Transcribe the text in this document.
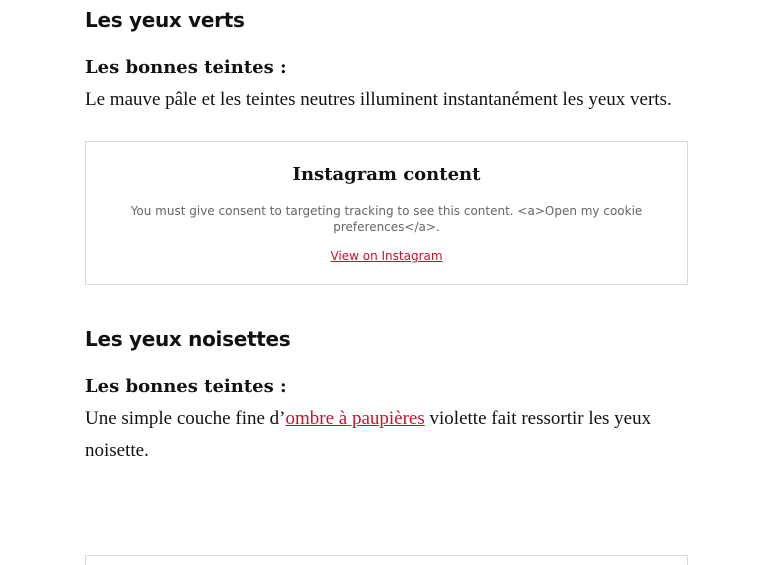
Les yeux verts

Les bonnes teintes :

Le mauve pâle et les teintes neutres illuminent instantanément les yeux verts.

Instagram content

You must give consent to targeting tracking to see this content. <a>Open my cookie preferences</a>.

View on Instagram
Les yeux noisettes

Les bonnes teintes :

Une simple couche fine d’ombre à paupières violette fait ressortir les yeux noisette.
